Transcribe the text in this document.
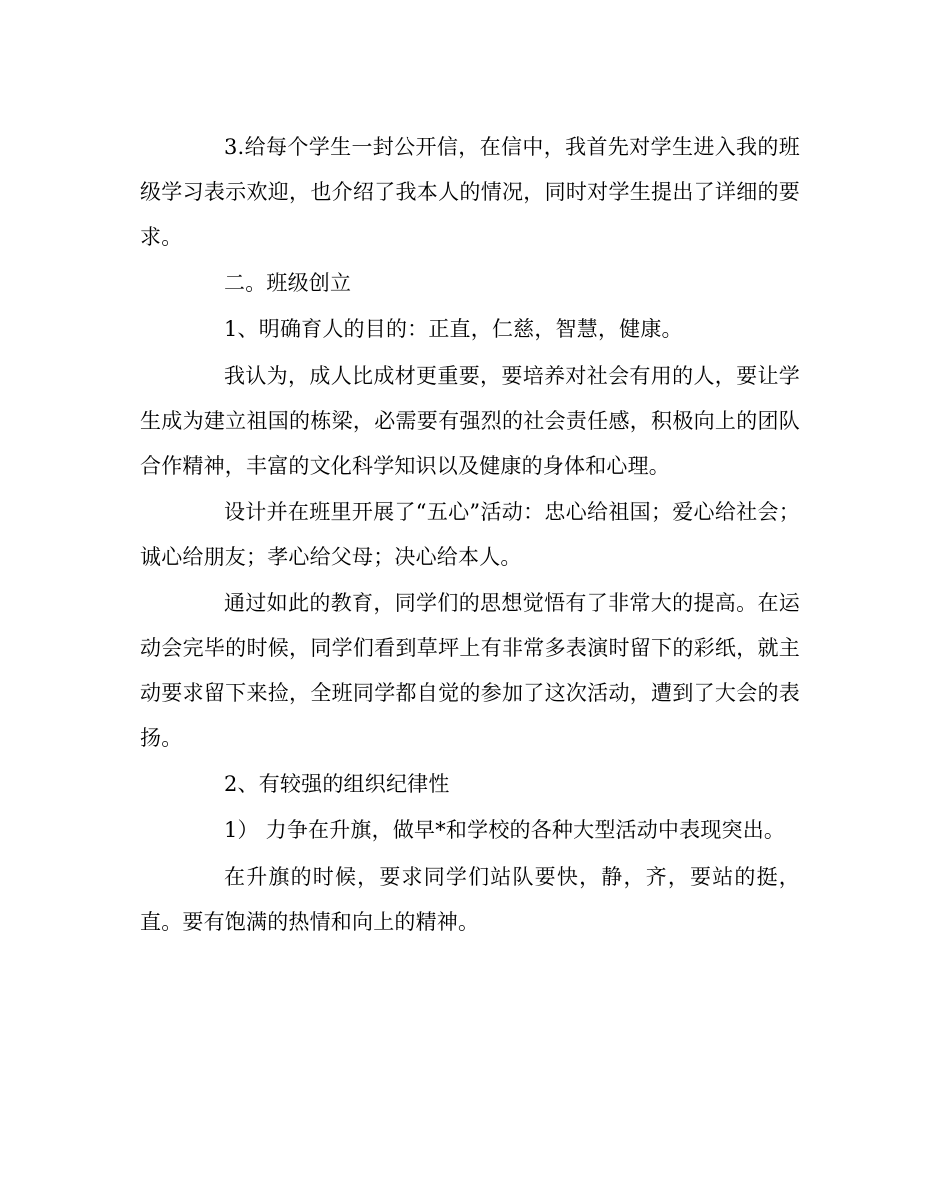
3.给每个学生一封公开信，在信中，我首先对学生进入我的班级学习表示欢迎，也介绍了我本人的情况，同时对学生提出了详细的要求。

二。班级创立

1、明确育人的目的：正直，仁慈，智慧，健康。

我认为，成人比成材更重要，要培养对社会有用的人，要让学生成为建立祖国的栋梁，必需要有强烈的社会责任感，积极向上的团队合作精神，丰富的文化科学知识以及健康的身体和心理。

设计并在班里开展了“五心”活动：忠心给祖国；爱心给社会；诚心给朋友；孝心给父母；决心给本人。

通过如此的教育，同学们的思想觉悟有了非常大的提高。在运动会完毕的时候，同学们看到草坪上有非常多表演时留下的彩纸，就主动要求留下来捡，全班同学都自觉的参加了这次活动，遭到了大会的表扬。

2、有较强的组织纪律性

1） 力争在升旗，做早*和学校的各种大型活动中表现突出。

在升旗的时候，要求同学们站队要快，静，齐，要站的挺，直。要有饱满的热情和向上的精神。
